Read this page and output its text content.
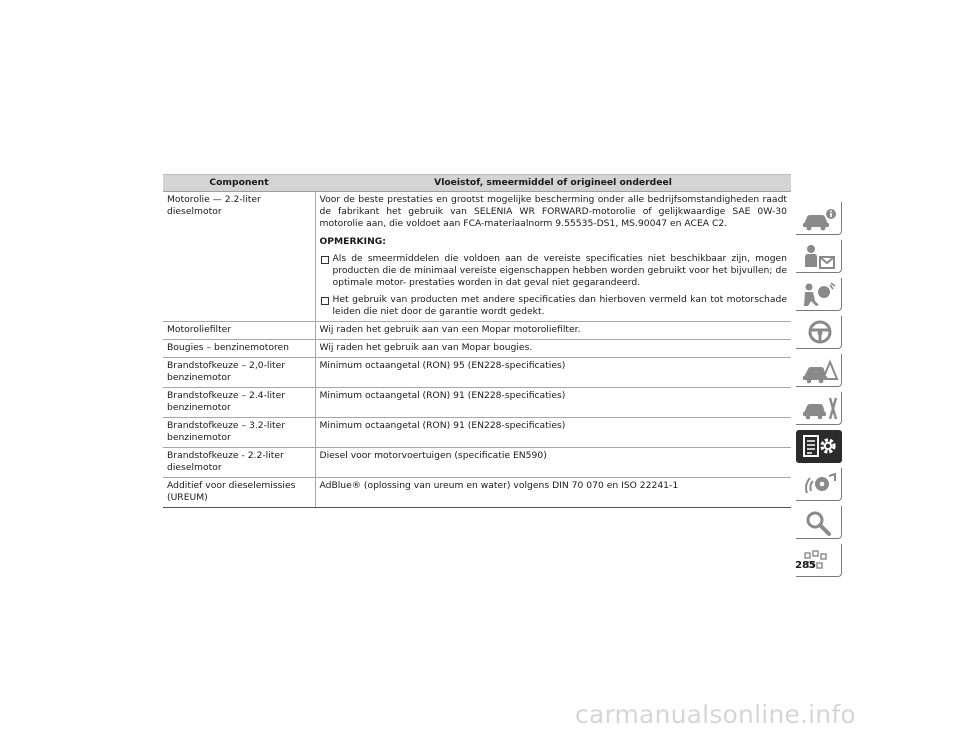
Component	Vloeistof, smeermiddel of origineel onderdeel
Motorolie — 2.2-liter dieselmotor	Voor de beste prestaties en grootst mogelijke bescherming onder alle bedrijfsomstandigheden raadt de fabrikant het gebruik van SELENIA WR FORWARD-motorolie of gelijkwaardige SAE 0W-30 motorolie aan, die voldoet aan FCA-materiaalnorm 9.55535-DS1, MS.90047 en ACEA C2.

OPMERKING:

Als de smeermiddelen die voldoen aan de vereiste specificaties niet beschikbaar zijn, mogen producten die de minimaal vereiste eigenschappen hebben worden gebruikt voor het bijvullen; de optimale motor- prestaties worden in dat geval niet gegarandeerd.
Het gebruik van producten met andere specificaties dan hierboven vermeld kan tot motorschade leiden die niet door de garantie wordt gedekt.

Motoroliefilter	Wij raden het gebruik aan van een Mopar motoroliefilter.
Bougies – benzinemotoren	Wij raden het gebruik aan van Mopar bougies.
Brandstofkeuze – 2,0-liter benzinemotor	Minimum octaangetal (RON) 95 (EN228-specificaties)
Brandstofkeuze – 2.4-liter benzinemotor	Minimum octaangetal (RON) 91 (EN228-specificaties)
Brandstofkeuze – 3.2-liter benzinemotor	Minimum octaangetal (RON) 91 (EN228-specificaties)
Brandstofkeuze - 2.2-liter dieselmotor	Diesel voor motorvoertuigen (specificatie EN590)
Additief voor dieselemissies (UREUM)	AdBlue® (oplossing van ureum en water) volgens DIN 70 070 en ISO 22241-1
285
carmanualsonline.info
